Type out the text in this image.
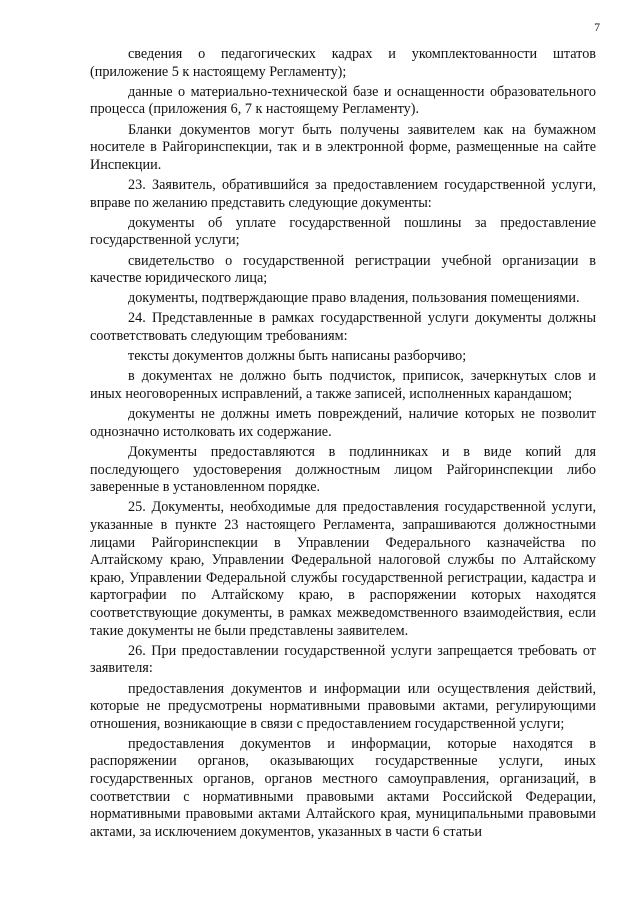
7

сведения о педагогических кадрах и укомплектованности штатов (приложение 5 к настоящему Регламенту);

данные о материально-технической базе и оснащенности образовательного процесса (приложения 6, 7 к настоящему Регламенту).

Бланки документов могут быть получены заявителем как на бумажном носителе в Райгоринспекции, так и в электронной форме, размещенные на сайте Инспекции.

23. Заявитель, обратившийся за предоставлением государственной услуги, вправе по желанию представить следующие документы:

документы об уплате государственной пошлины за предоставление государственной услуги;

свидетельство о государственной регистрации учебной организации в качестве юридического лица;

документы, подтверждающие право владения, пользования помещениями.

24. Представленные в рамках государственной услуги документы должны соответствовать следующим требованиям:

тексты документов должны быть написаны разборчиво;

в документах не должно быть подчисток, приписок, зачеркнутых слов и иных неоговоренных исправлений, а также записей, исполненных карандашом;

документы не должны иметь повреждений, наличие которых не позволит однозначно истолковать их содержание.

Документы предоставляются в подлинниках и в виде копий для последующего удостоверения должностным лицом Райгоринспекции либо заверенные в установленном порядке.

25. Документы, необходимые для предоставления государственной услуги, указанные в пункте 23 настоящего Регламента, запрашиваются должностными лицами Райгоринспекции в Управлении Федерального казначейства по Алтайскому краю, Управлении Федеральной налоговой службы по Алтайскому краю, Управлении Федеральной службы государственной регистрации, кадастра и картографии по Алтайскому краю, в распоряжении которых находятся соответствующие документы, в рамках межведомственного взаимодействия, если такие документы не были представлены заявителем.

26. При предоставлении государственной услуги запрещается требовать от заявителя:

предоставления документов и информации или осуществления действий, которые не предусмотрены нормативными правовыми актами, регулирующими отношения, возникающие в связи с предоставлением государственной услуги;

предоставления документов и информации, которые находятся в распоряжении органов, оказывающих государственные услуги, иных государственных органов, органов местного самоуправления, организаций, в соответствии с нормативными правовыми актами Российской Федерации, нормативными правовыми актами Алтайского края, муниципальными правовыми актами, за исключением документов, указанных в части 6 статьи
